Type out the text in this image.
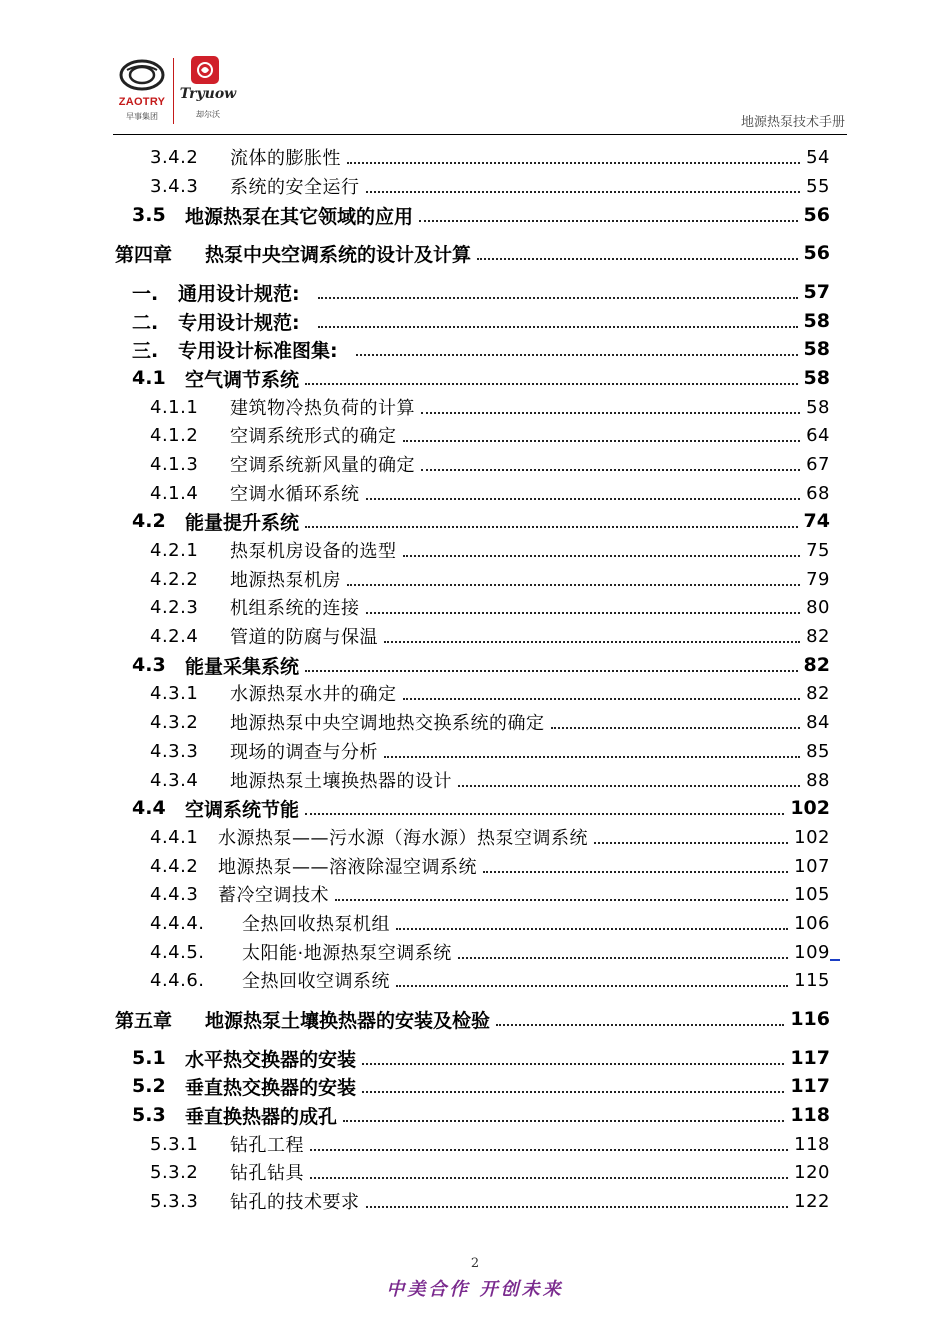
ZAOTRY
早事集团
Tryuow
却尔沃
地源热泵技术手册
3.4.2	流体的膨胀性	54
3.4.3	系统的安全运行	55
3.5	地源热泵在其它领域的应用	56
第四章	热泵中央空调系统的设计及计算	56
一.	通用设计规范:	57
二.	专用设计规范:	58
三.	专用设计标准图集:	58
4.1	空气调节系统	58
4.1.1	建筑物冷热负荷的计算	58
4.1.2	空调系统形式的确定	64
4.1.3	空调系统新风量的确定	67
4.1.4	空调水循环系统	68
4.2	能量提升系统	74
4.2.1	热泵机房设备的选型	75
4.2.2	地源热泵机房	79
4.2.3	机组系统的连接	80
4.2.4	管道的防腐与保温	82
4.3	能量采集系统	82
4.3.1	水源热泵水井的确定	82
4.3.2	地源热泵中央空调地热交换系统的确定	84
4.3.3	现场的调查与分析	85
4.3.4	地源热泵土壤换热器的设计	88
4.4	空调系统节能	102
4.4.1	水源热泵——污水源（海水源）热泵空调系统	102
4.4.2	地源热泵——溶液除湿空调系统	107
4.4.3	蓄冷空调技术	105
4.4.4.	全热回收热泵机组	106
4.4.5.	太阳能·地源热泵空调系统	109
4.4.6.	全热回收空调系统	115
第五章	地源热泵土壤换热器的安装及检验	116
5.1	水平热交换器的安装	117
5.2	垂直热交换器的安装	117
5.3	垂直换热器的成孔	118
5.3.1	钻孔工程	118
5.3.2	钻孔钻具	120
5.3.3	钻孔的技术要求	122
2
中美合作 开创未来
